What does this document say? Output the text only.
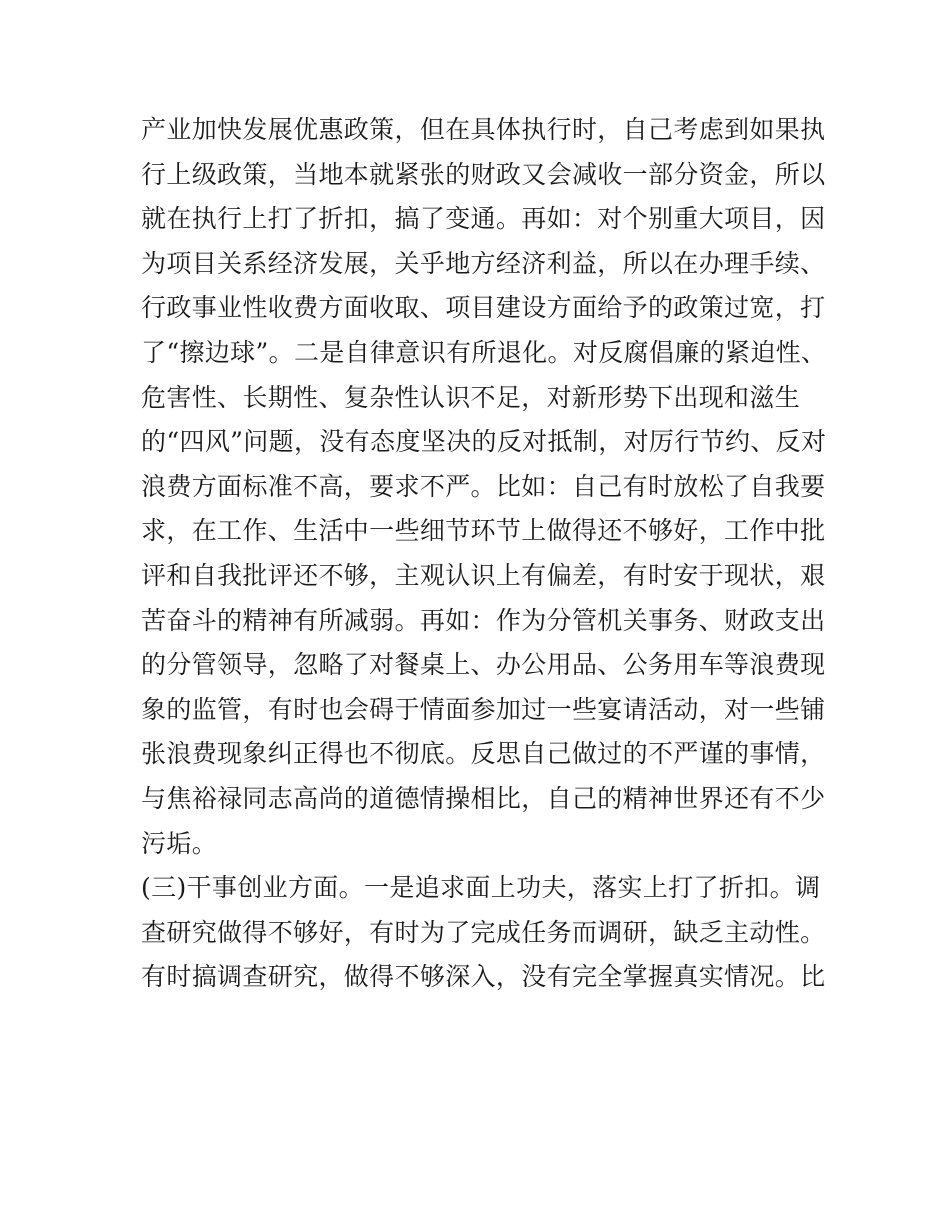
产业加快发展优惠政策，但在具体执行时，自己考虑到如果执
行上级政策，当地本就紧张的财政又会减收一部分资金，所以
就在执行上打了折扣，搞了变通。再如：对个别重大项目，因
为项目关系经济发展，关乎地方经济利益，所以在办理手续、
行政事业性收费方面收取、项目建设方面给予的政策过宽，打
了“擦边球”。二是自律意识有所退化。对反腐倡廉的紧迫性、
危害性、长期性、复杂性认识不足，对新形势下出现和滋生
的“四风”问题，没有态度坚决的反对抵制，对厉行节约、反对
浪费方面标准不高，要求不严。比如：自己有时放松了自我要
求，在工作、生活中一些细节环节上做得还不够好，工作中批
评和自我批评还不够，主观认识上有偏差，有时安于现状，艰
苦奋斗的精神有所减弱。再如：作为分管机关事务、财政支出
的分管领导，忽略了对餐桌上、办公用品、公务用车等浪费现
象的监管，有时也会碍于情面参加过一些宴请活动，对一些铺
张浪费现象纠正得也不彻底。反思自己做过的不严谨的事情，
与焦裕禄同志高尚的道德情操相比，自己的精神世界还有不少
污垢。
(三)干事创业方面。一是追求面上功夫，落实上打了折扣。调
查研究做得不够好，有时为了完成任务而调研，缺乏主动性。
有时搞调查研究，做得不够深入，没有完全掌握真实情况。比
